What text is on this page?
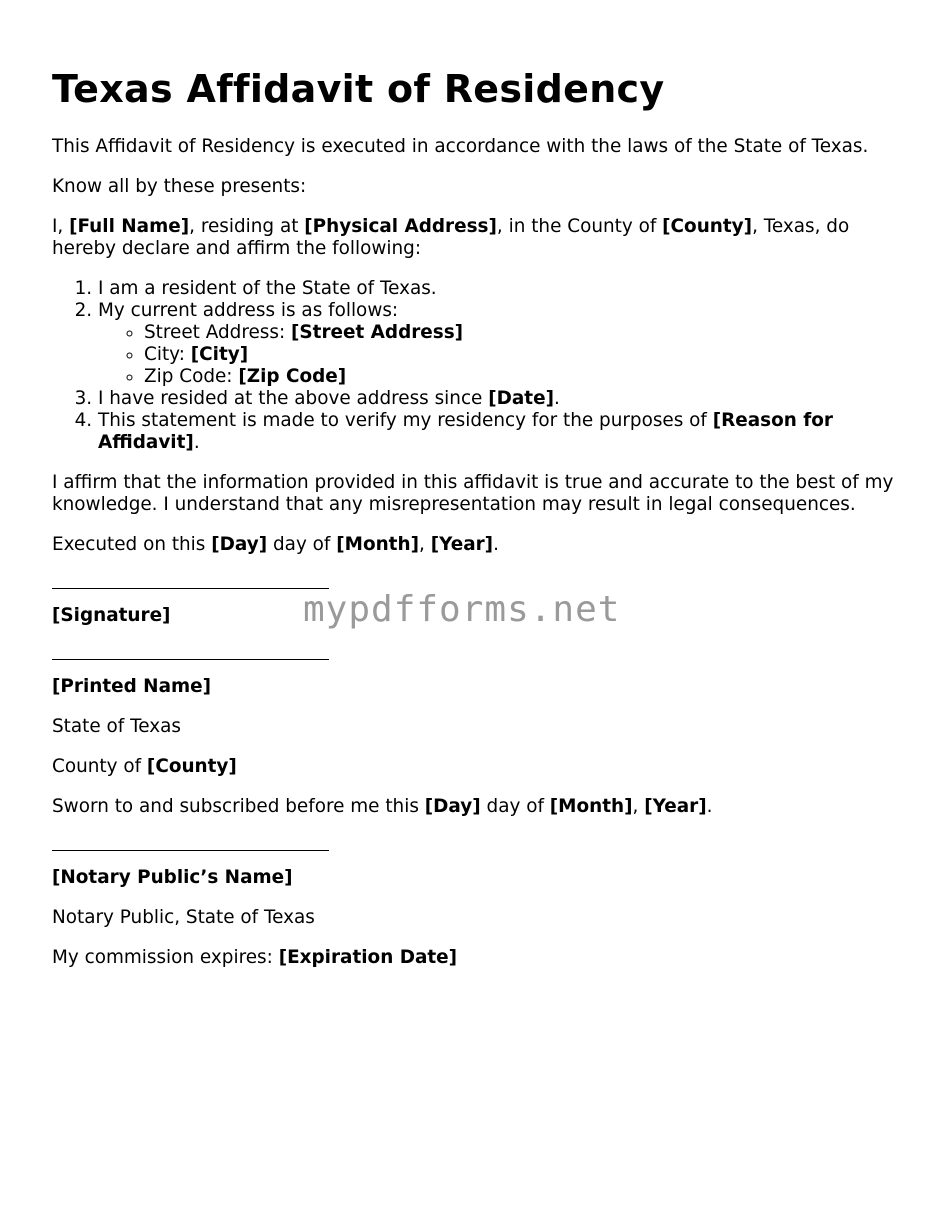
Texas Affidavit of Residency

This Affidavit of Residency is executed in accordance with the laws of the State of Texas.

Know all by these presents:

I, [Full Name], residing at [Physical Address], in the County of [County], Texas, do hereby declare and affirm the following:

1. I am a resident of the State of Texas.
2. My current address is as follows:
◦ Street Address: [Street Address]
◦ City: [City]
◦ Zip Code: [Zip Code]
3. I have resided at the above address since [Date].
4. This statement is made to verify my residency for the purposes of [Reason for Affidavit].

I affirm that the information provided in this affidavit is true and accurate to the best of my knowledge. I understand that any misrepresentation may result in legal consequences.

Executed on this [Day] day of [Month], [Year].

[Signature]

[Printed Name]

State of Texas

County of [County]

Sworn to and subscribed before me this [Day] day of [Month], [Year].

[Notary Public’s Name]

Notary Public, State of Texas

My commission expires: [Expiration Date]

mypdfforms.net
